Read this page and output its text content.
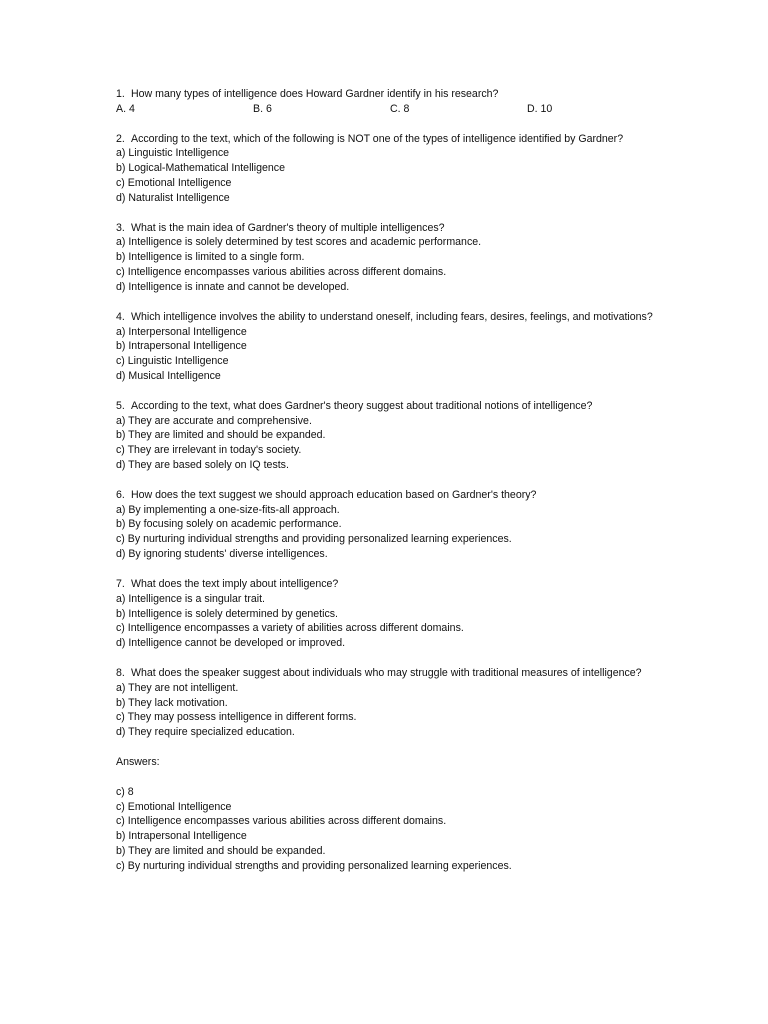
1. How many types of intelligence does Howard Gardner identify in his research?
A. 4	B. 6	C. 8	D. 10
2. According to the text, which of the following is NOT one of the types of intelligence identified by Gardner?
a) Linguistic Intelligence
b) Logical-Mathematical Intelligence
c) Emotional Intelligence
d) Naturalist Intelligence
3. What is the main idea of Gardner's theory of multiple intelligences?
a) Intelligence is solely determined by test scores and academic performance.
b) Intelligence is limited to a single form.
c) Intelligence encompasses various abilities across different domains.
d) Intelligence is innate and cannot be developed.
4. Which intelligence involves the ability to understand oneself, including fears, desires, feelings, and motivations?
a) Interpersonal Intelligence
b) Intrapersonal Intelligence
c) Linguistic Intelligence
d) Musical Intelligence
5. According to the text, what does Gardner's theory suggest about traditional notions of intelligence?
a) They are accurate and comprehensive.
b) They are limited and should be expanded.
c) They are irrelevant in today's society.
d) They are based solely on IQ tests.
6. How does the text suggest we should approach education based on Gardner's theory?
a) By implementing a one-size-fits-all approach.
b) By focusing solely on academic performance.
c) By nurturing individual strengths and providing personalized learning experiences.
d) By ignoring students' diverse intelligences.
7. What does the text imply about intelligence?
a) Intelligence is a singular trait.
b) Intelligence is solely determined by genetics.
c) Intelligence encompasses a variety of abilities across different domains.
d) Intelligence cannot be developed or improved.
8. What does the speaker suggest about individuals who may struggle with traditional measures of intelligence?
a) They are not intelligent.
b) They lack motivation.
c) They may possess intelligence in different forms.
d) They require specialized education.
Answers:
c) 8
c) Emotional Intelligence
c) Intelligence encompasses various abilities across different domains.
b) Intrapersonal Intelligence
b) They are limited and should be expanded.
c) By nurturing individual strengths and providing personalized learning experiences.
